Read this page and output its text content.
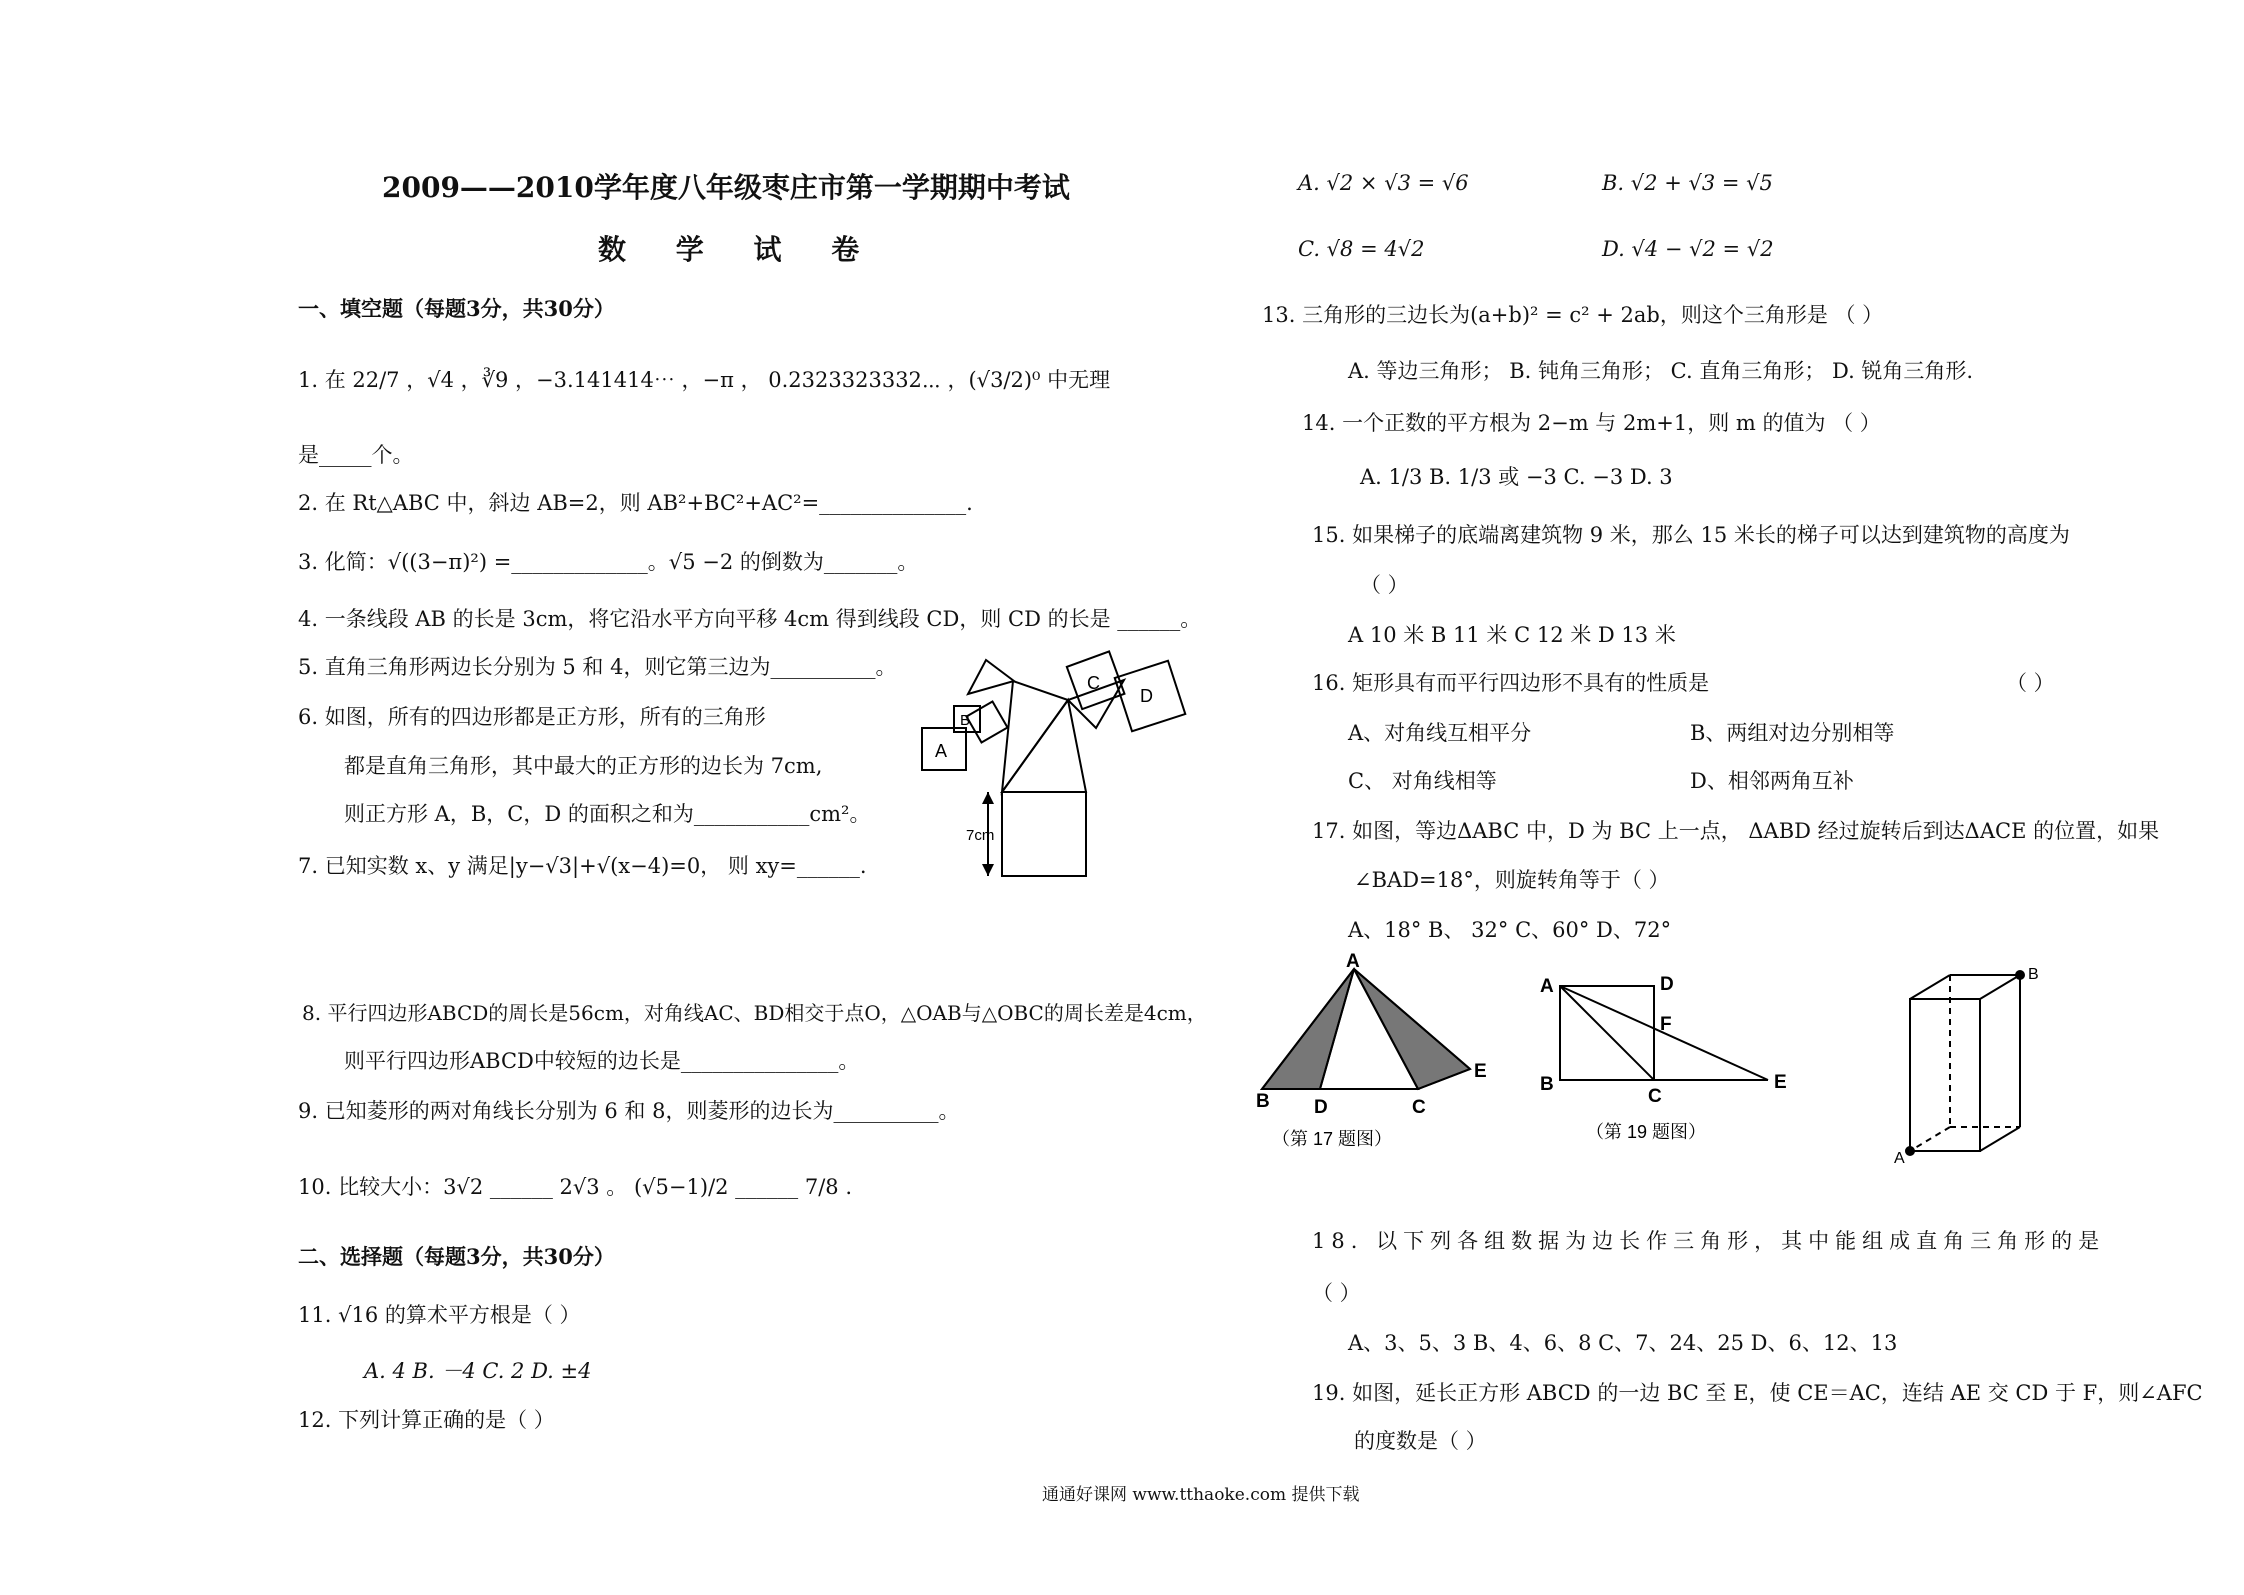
2009——2010学年度八年级枣庄市第一学期期中考试
数 学 试 卷
一、填空题（每题3分，共30分）
1. 在 22/7 ，√4 ，∛9 ，−3.141414⋯ ，−π ， 0.2323323332⋯ ，(√3/2)⁰ 中无理
是_____个。
2. 在 Rt△ABC 中，斜边 AB=2，则 AB²+BC²+AC²=______________.
3. 化简：√((3−π)²) =_____________。√5 −2 的倒数为_______。
4. 一条线段 AB 的长是 3cm，将它沿水平方向平移 4cm 得到线段 CD，则 CD 的长是 ______。
5. 直角三角形两边长分别为 5 和 4，则它第三边为__________。
6. 如图，所有的四边形都是正方形，所有的三角形
都是直角三角形，其中最大的正方形的边长为 7cm,
则正方形 A，B，C，D 的面积之和为___________cm²。
7. 已知实数 x、y 满足|y−√3|+√(x−4)=0， 则 xy=______.
8. 平行四边形ABCD的周长是56cm，对角线AC、BD相交于点O，△OAB与△OBC的周长差是4cm，
则平行四边形ABCD中较短的边长是_______________。
9. 已知菱形的两对角线长分别为 6 和 8，则菱形的边长为__________。
10. 比较大小：3√2 ______ 2√3 。 (√5−1)/2 ______ 7/8 .
二、选择题（每题3分，共30分）
11. √16 的算术平方根是（ ）
A. 4 B. －4 C. 2 D. ±4
12. 下列计算正确的是（ ）
A
B
C
D
7cm
A. √2 × √3 = √6	B. √2 + √3 = √5
C. √8 = 4√2	D. √4 − √2 = √2
13. 三角形的三边长为(a+b)² = c² + 2ab，则这个三角形是 （ ）
A. 等边三角形； B. 钝角三角形； C. 直角三角形； D. 锐角三角形.
14. 一个正数的平方根为 2−m 与 2m+1，则 m 的值为 （ ）
A. 1/3 B. 1/3 或 −3 C. −3 D. 3
15. 如果梯子的底端离建筑物 9 米，那么 15 米长的梯子可以达到建筑物的高度为
（ ）
A 10 米 B 11 米 C 12 米 D 13 米
16. 矩形具有而平行四边形不具有的性质是	（ ）
A、对角线互相平分	B、两组对边分别相等
C、 对角线相等	D、相邻两角互补
17. 如图，等边ΔABC 中，D 为 BC 上一点， ΔABD 经过旋转后到达ΔACE 的位置，如果
∠BAD=18°，则旋转角等于（ ）
A、18° B、 32° C、60° D、72°
A
B D	C
E
（第 17 题图）
A	D
F
B
C
E
（第 19 题图）
B
A
18. 以下列各组数据为边长作三角形，其中能组成直角三角形的是
（ ）
A、3、5、3 B、4、6、8 C、7、24、25 D、6、12、13
19. 如图，延长正方形 ABCD 的一边 BC 至 E，使 CE＝AC，连结 AE 交 CD 于 F，则∠AFC
的度数是（ ）
通通好课网 www.tthaoke.com 提供下载
